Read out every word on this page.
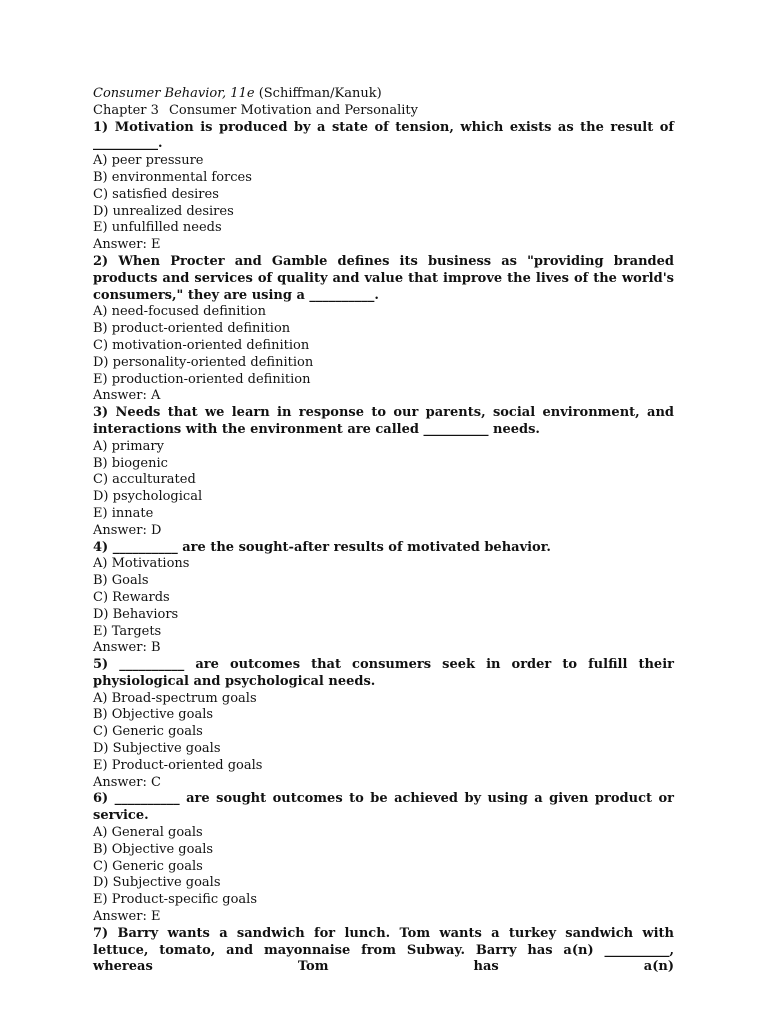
Consumer Behavior, 11e (Schiffman/Kanuk)
Chapter 3 Consumer Motivation and Personality
1) Motivation is produced by a state of tension, which exists as the result of __________.
A) peer pressure
B) environmental forces
C) satisfied desires
D) unrealized desires
E) unfulfilled needs
Answer: E
2) When Procter and Gamble defines its business as "providing branded products and services of quality and value that improve the lives of the world's consumers," they are using a __________.
A) need-focused definition
B) product-oriented definition
C) motivation-oriented definition
D) personality-oriented definition
E) production-oriented definition
Answer: A
3) Needs that we learn in response to our parents, social environment, and interactions with the environment are called __________ needs.
A) primary
B) biogenic
C) acculturated
D) psychological
E) innate
Answer: D
4) __________ are the sought-after results of motivated behavior.
A) Motivations
B) Goals
C) Rewards
D) Behaviors
E) Targets
Answer: B
5) __________ are outcomes that consumers seek in order to fulfill their physiological and psychological needs.
A) Broad-spectrum goals
B) Objective goals
C) Generic goals
D) Subjective goals
E) Product-oriented goals
Answer: C
6) __________ are sought outcomes to be achieved by using a given product or service.
A) General goals
B) Objective goals
C) Generic goals
D) Subjective goals
E) Product-specific goals
Answer: E
7) Barry wants a sandwich for lunch. Tom wants a turkey sandwich with lettuce, tomato, and mayonnaise from Subway. Barry has a(n) __________, whereas Tom has a(n)
